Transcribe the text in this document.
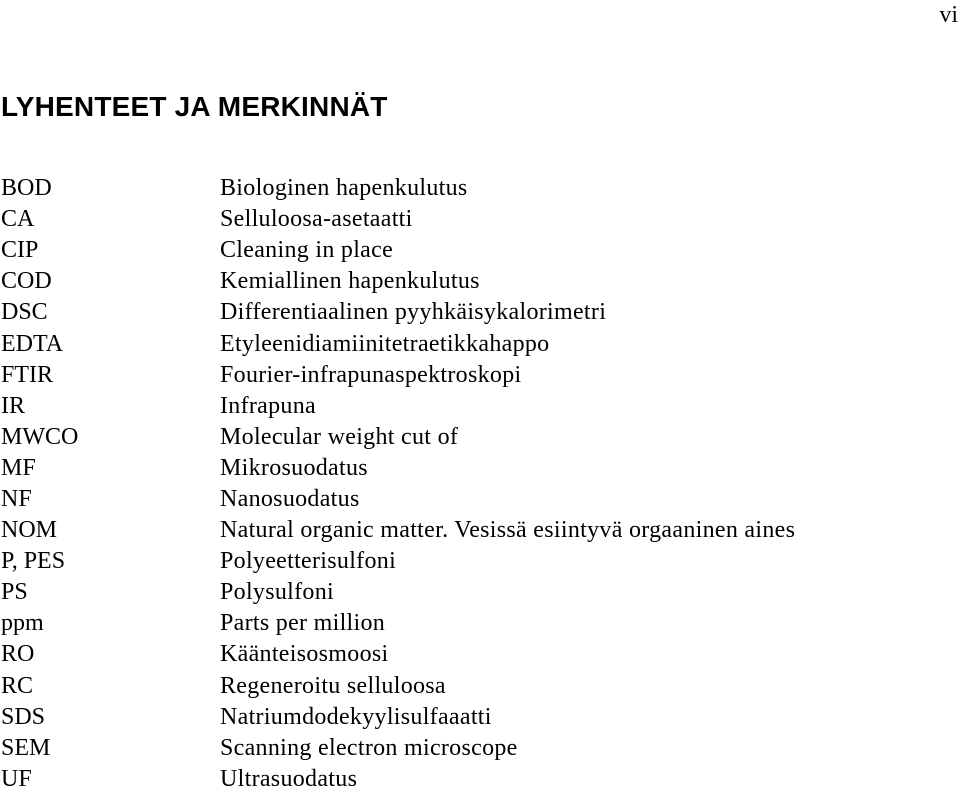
vi
LYHENTEET JA MERKINNÄT
BOD	Biologinen hapenkulutus
CA	Selluloosa-asetaatti
CIP	Cleaning in place
COD	Kemiallinen hapenkulutus
DSC	Differentiaalinen pyyhkäisykalorimetri
EDTA	Etyleenidiamiinitetraetikkahappo
FTIR	Fourier-infrapunaspektroskopi
IR	Infrapuna
MWCO	Molecular weight cut of
MF	Mikrosuodatus
NF	Nanosuodatus
NOM	Natural organic matter. Vesissä esiintyvä orgaaninen aines
P, PES	Polyeetterisulfoni
PS	Polysulfoni
ppm	Parts per million
RO	Käänteisosmoosi
RC	Regeneroitu selluloosa
SDS	Natriumdodekyylisulfaaatti
SEM	Scanning electron microscope
UF	Ultrasuodatus
